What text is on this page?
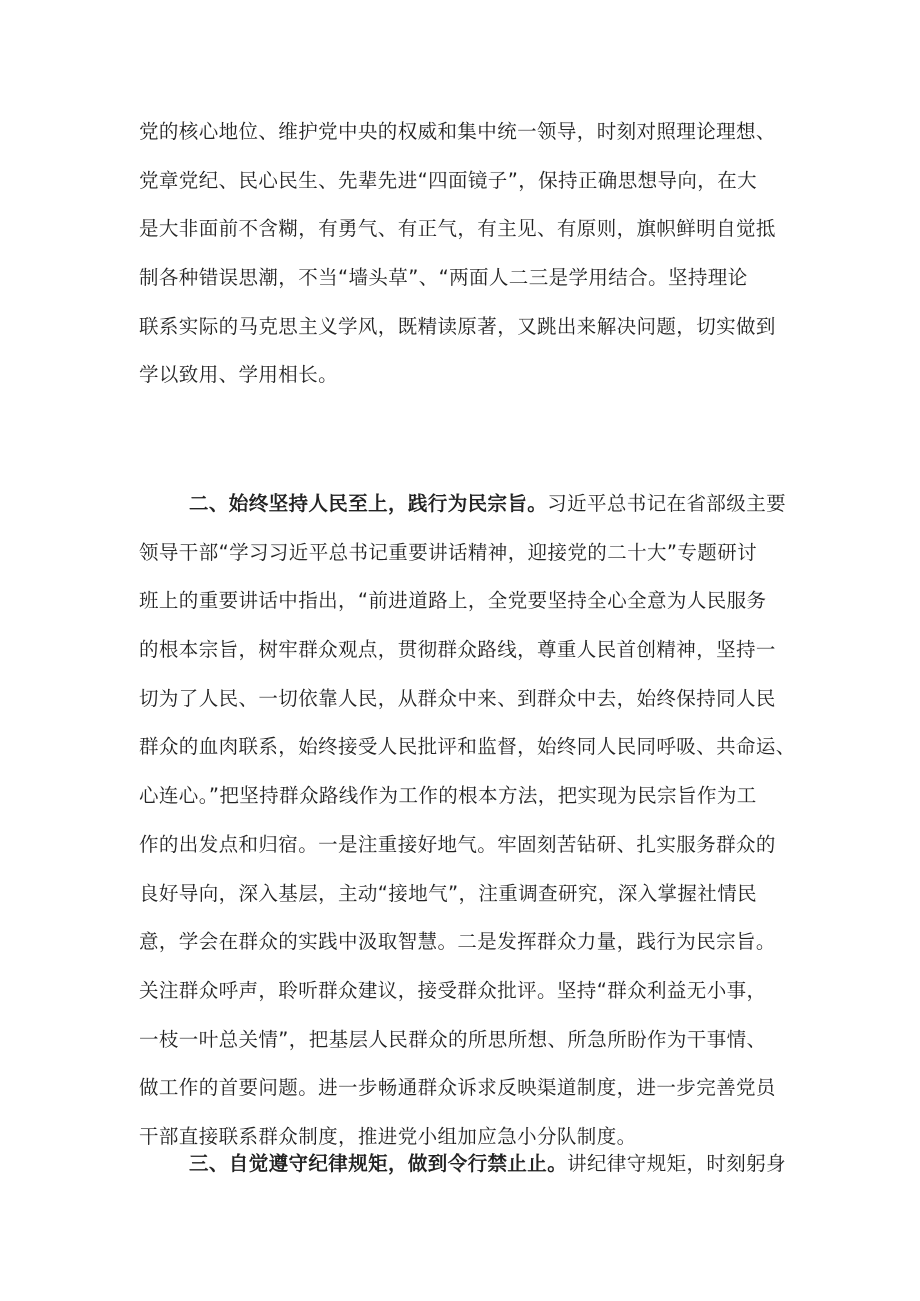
党的核心地位、维护党中央的权威和集中统一领导，时刻对照理论理想、
党章党纪、民心民生、先辈先进“四面镜子”，保持正确思想导向，在大
是大非面前不含糊，有勇气、有正气，有主见、有原则，旗帜鲜明自觉抵
制各种错误思潮，不当“墙头草”、“两面人二三是学用结合。坚持理论
联系实际的马克思主义学风，既精读原著，又跳出来解决问题，切实做到
学以致用、学用相长。
二、始终坚持人民至上，践行为民宗旨。习近平总书记在省部级主要
领导干部“学习习近平总书记重要讲话精神，迎接党的二十大”专题研讨
班上的重要讲话中指出，“前进道路上，全党要坚持全心全意为人民服务
的根本宗旨，树牢群众观点，贯彻群众路线，尊重人民首创精神，坚持一
切为了人民、一切依靠人民，从群众中来、到群众中去，始终保持同人民
群众的血肉联系，始终接受人民批评和监督，始终同人民同呼吸、共命运、
心连心。”把坚持群众路线作为工作的根本方法，把实现为民宗旨作为工
作的出发点和归宿。一是注重接好地气。牢固刻苦钻研、扎实服务群众的
良好导向，深入基层，主动“接地气”，注重调查研究，深入掌握社情民
意，学会在群众的实践中汲取智慧。二是发挥群众力量，践行为民宗旨。
关注群众呼声，聆听群众建议，接受群众批评。坚持“群众利益无小事，
一枝一叶总关情”，把基层人民群众的所思所想、所急所盼作为干事情、
做工作的首要问题。进一步畅通群众诉求反映渠道制度，进一步完善党员
干部直接联系群众制度，推进党小组加应急小分队制度。
三、自觉遵守纪律规矩，做到令行禁止止。讲纪律守规矩，时刻躬身
